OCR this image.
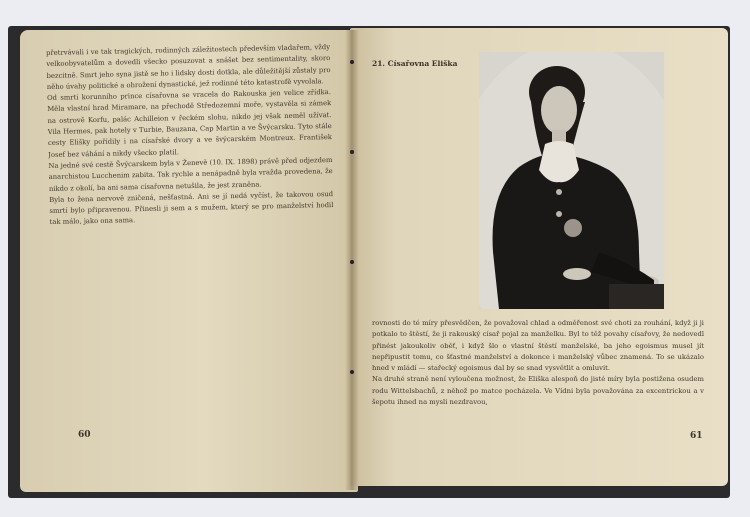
přetrvávali i ve tak tragických, rodinných záležitostech především vladařem, vždy velkoobyvatelům a dovedli všecko posuzovat a snášet bez sentimentality, skoro bezcitně. Smrt jeho syna jistě se ho i lidsky dosti dotkla, ale důležitější zůstaly pro něho úvahy politické a ohrožení dynastické, jež rodinné této katastrofě vyvolala.
Od smrti korunního prince císařovna se vracela do Rakouska jen velice zřídka. Měla vlastní hrad Miramare, na přechodě Středozemní moře, vystavěla si zámek na ostrově Korfu, palác Achilleion v řeckém slohu, nikdo jej však neměl užívat. Vila Hermes, pak hotely v Turbie, Bauzana, Cap Martin a ve Švýcarsku. Tyto stále cesty Elišky pořídily i na císařské dvory a ve švýcarském Montreux. František Josef bez váhání a nikdy všecko platil.
Na jedné své cestě Švýcarskem byla v Ženevě (10. IX. 1898) právě před odjezdem anarchistou Lucchenim zabita. Tak rychle a nenápadně byla vražda provedena, že nikdo z okolí, ba ani sama císařovna netušila, že jest zraněna.
Byla to žena nervově zničená, nešťastná. Ani se jí nedá vyčíst, že takovou osud smrtí bylo připravenou. Přinesli ji sem a s mužem, který se pro manželství hodil tak málo, jako ona sama.
60
21. Císařovna Eliška
rovnosti do té míry přesvědčen, že považoval chlad a odměřenost své choti za rouhání, když ji ji potkalo to štěstí, že ji rakouský císař pojal za manželku. Byl to těž povahy císařovy, že nedovedl přinést jakoukoliv oběť, i když šlo o vlastní štěstí manželské, ba jeho egoismus musel jít nepřipustit tomu, co šťastné manželství a dokonce i manželský vůbec znamená. To se ukázalo hned v mládí — stařecký egoismus dal by se snad vysvětlit a omluvit.
Na druhé straně není vyloučena možnost, že Eliška alespoň do jisté míry byla postižena osudem rodu Wittelsbachů, z něhož po matce pocházela. Ve Vídni byla považována za excentrickou a v šepotu ihned na mysli nezdravou,
61
